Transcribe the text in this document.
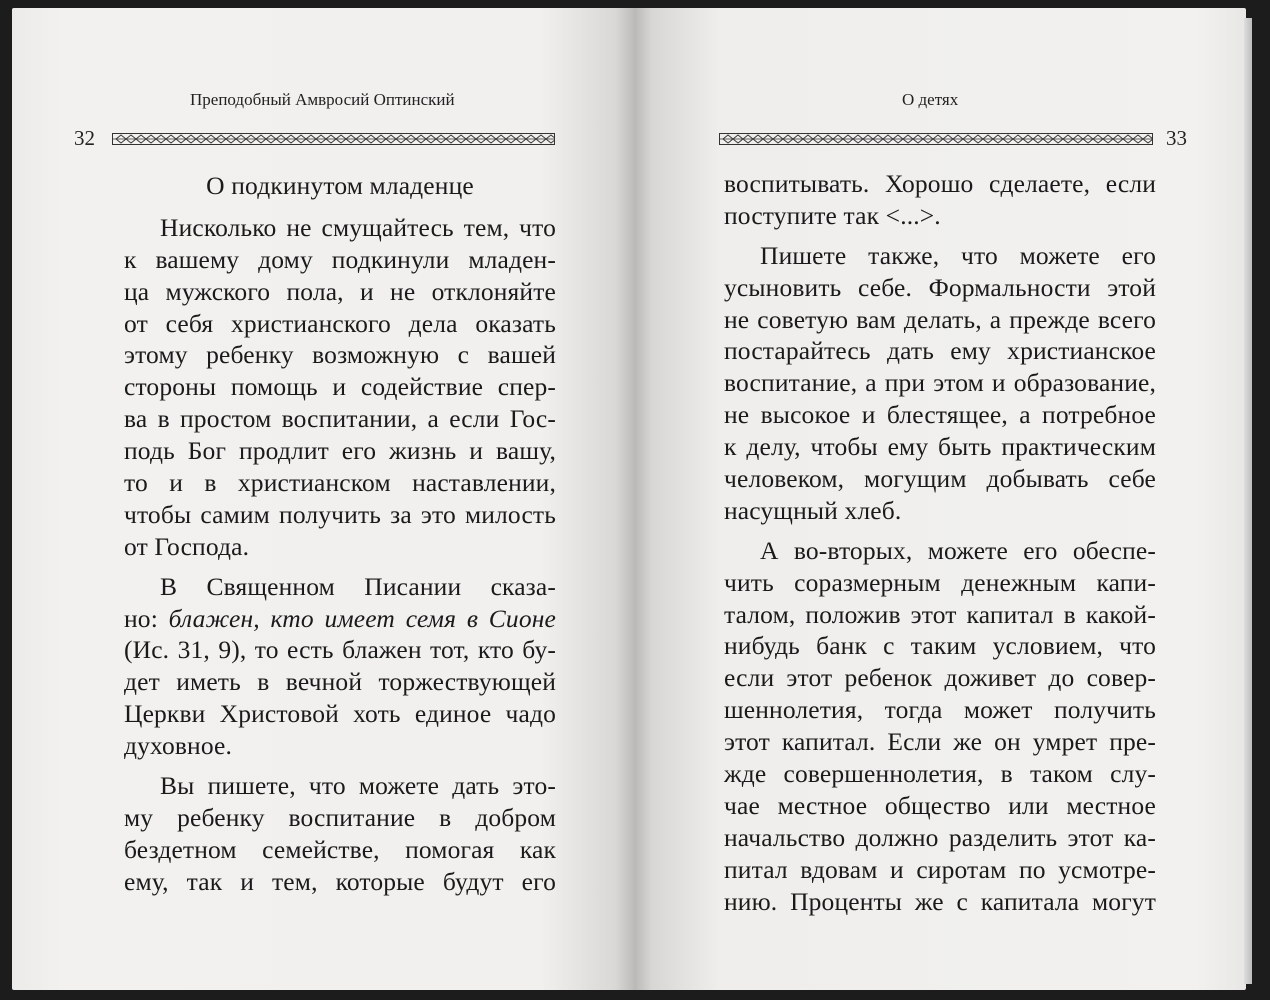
Преподобный Амвросий Оптинский
32
О подкинутом младенце
Нисколько не смущайтесь тем, что
к вашему дому подкинули младен-
ца мужского пола, и не отклоняйте
от себя христианского дела оказать
этому ребенку возможную с вашей
стороны помощь и содействие спер-
ва в простом воспитании, а если Гос-
подь Бог продлит его жизнь и вашу,
то и в христианском наставлении,
чтобы самим получить за это милость
от Господа.
В Священном Писании сказа-
но: блажен, кто имеет семя в Сионе
(Ис. 31, 9), то есть блажен тот, кто бу-
дет иметь в вечной торжествующей
Церкви Христовой хоть единое чадо
духовное.
Вы пишете, что можете дать это-
му ребенку воспитание в добром
бездетном семействе, помогая как
ему, так и тем, которые будут его
О детях
33
воспитывать. Хорошо сделаете, если
поступите так <...>.
Пишете также, что можете его
усыновить себе. Формальности этой
не советую вам делать, а прежде всего
постарайтесь дать ему христианское
воспитание, а при этом и образование,
не высокое и блестящее, а потребное
к делу, чтобы ему быть практическим
человеком, могущим добывать себе
насущный хлеб.
А во-вторых, можете его обеспе-
чить соразмерным денежным капи-
талом, положив этот капитал в какой-
нибудь банк с таким условием, что
если этот ребенок доживет до совер-
шеннолетия, тогда может получить
этот капитал. Если же он умрет пре-
жде совершеннолетия, в таком слу-
чае местное общество или местное
начальство должно разделить этот ка-
питал вдовам и сиротам по усмотре-
нию. Проценты же с капитала могут
